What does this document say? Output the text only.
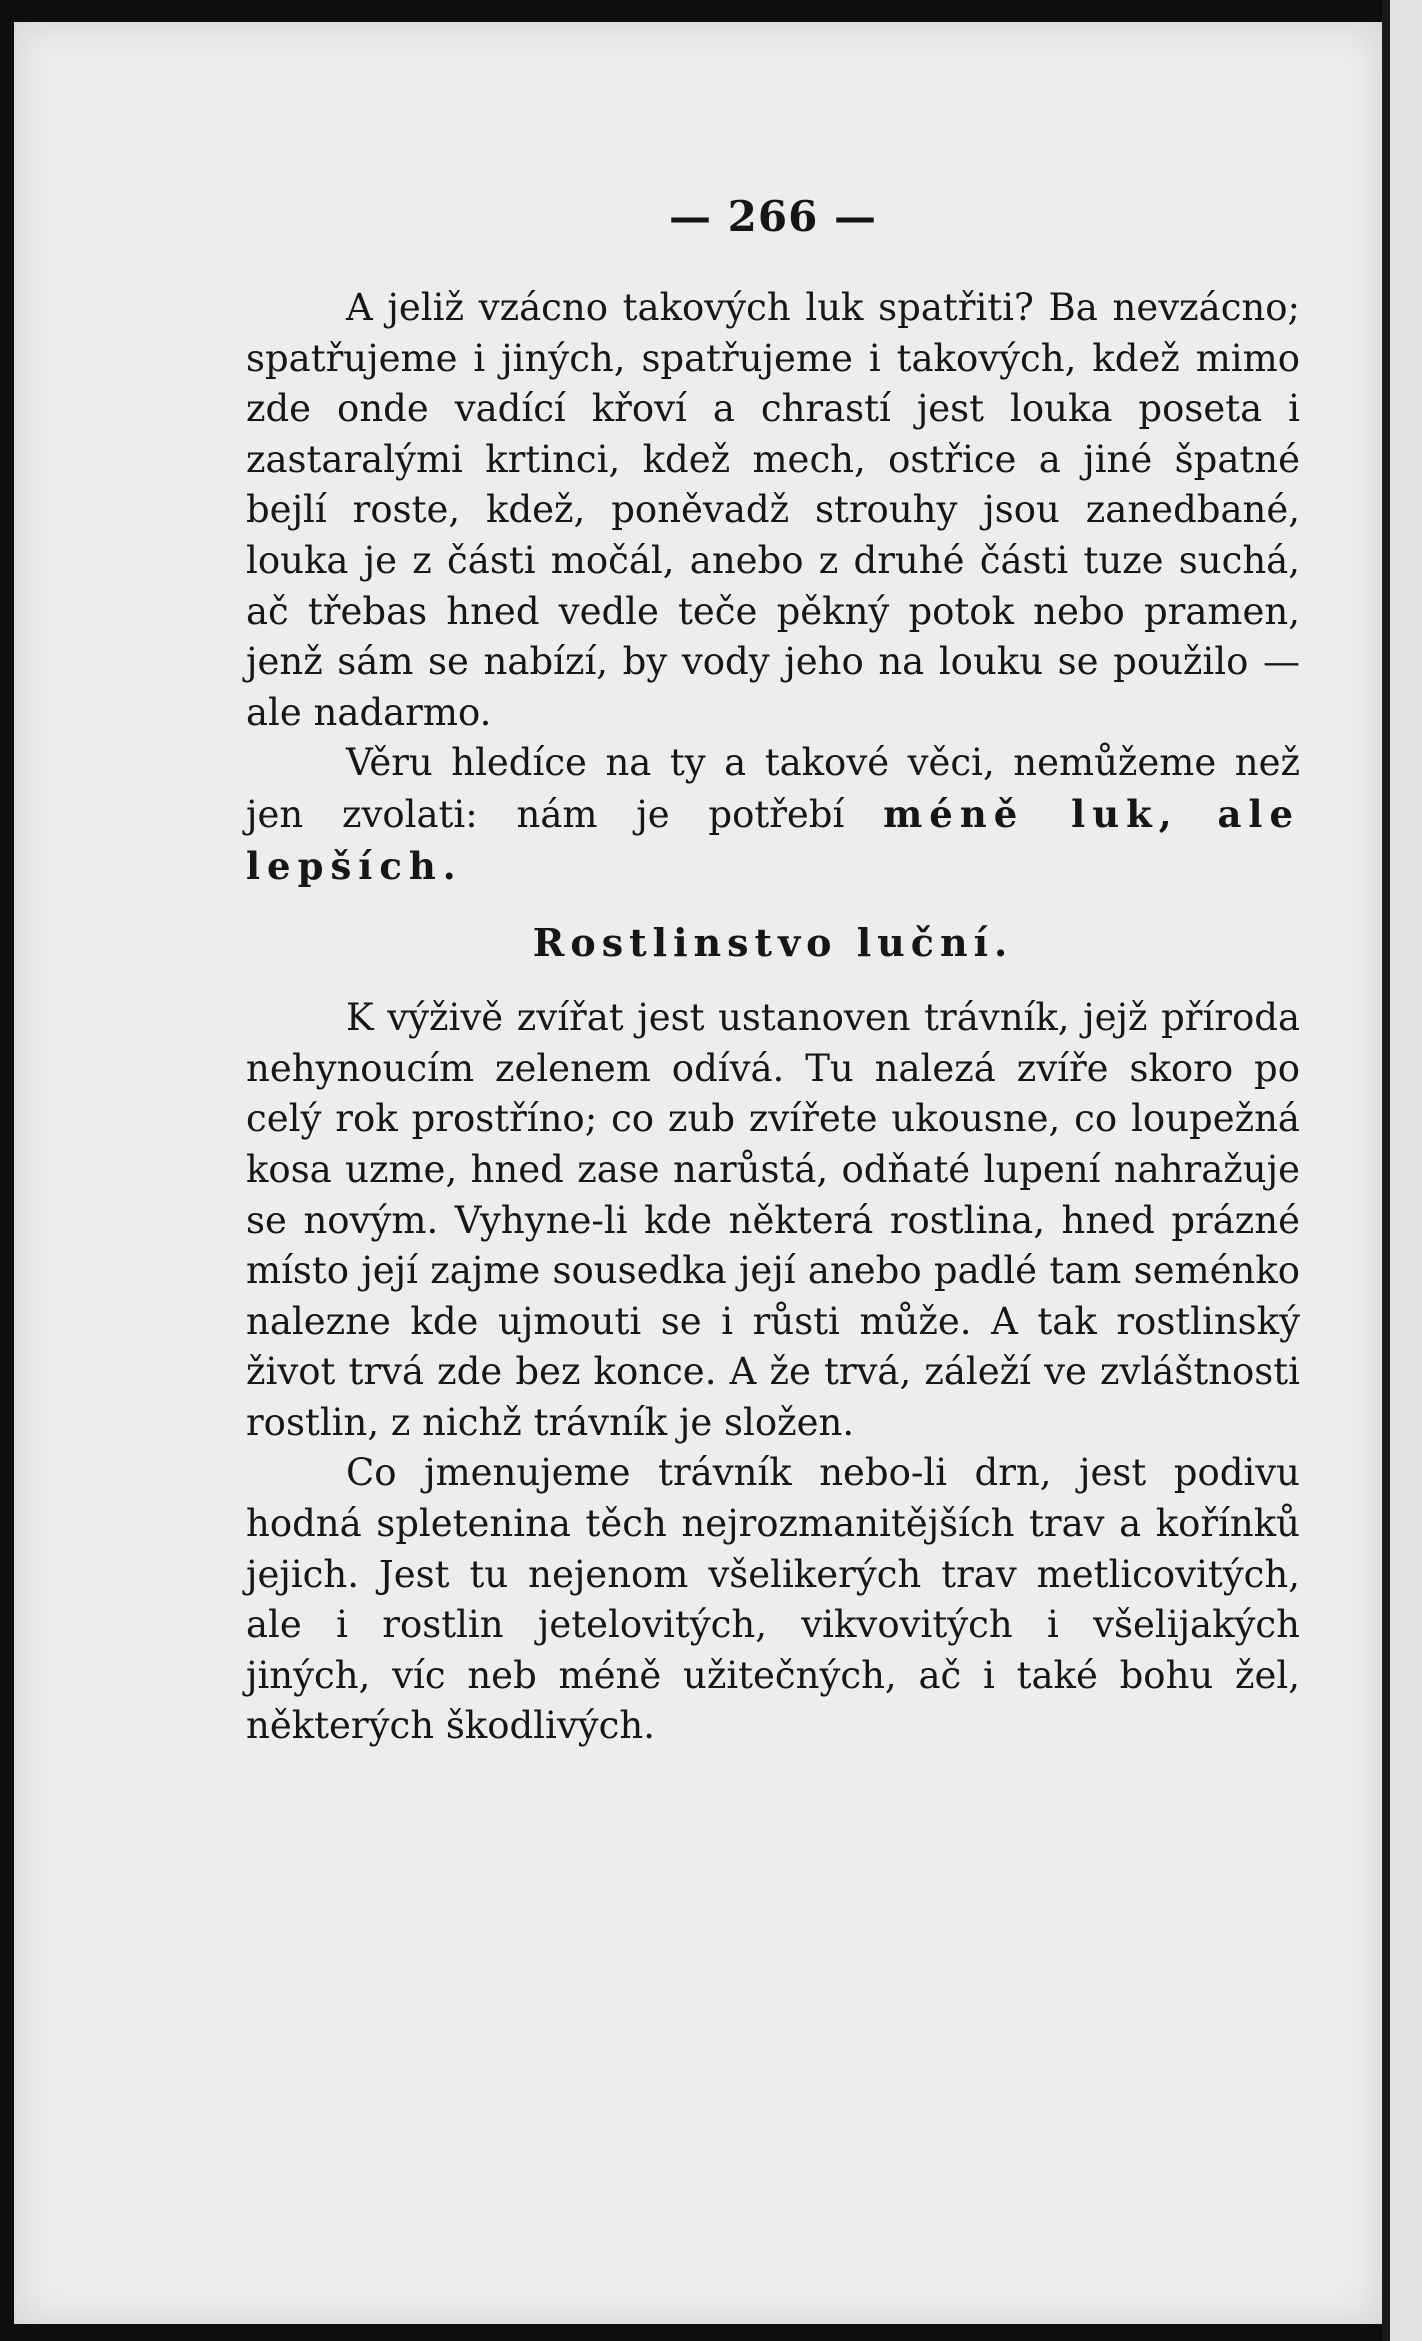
— 266 —

A jeliž vzácno takových luk spatřiti? Ba nevzácno; spatřujeme i jiných, spatřujeme i takových, kdež mimo zde onde vadící křoví a chrastí jest louka poseta i zastaralými krtinci, kdež mech, ostřice a jiné špatné bejlí roste, kdež, poněvadž strouhy jsou zanedbané, louka je z části močál, anebo z druhé části tuze suchá, ač třebas hned vedle teče pěkný potok nebo pramen, jenž sám se nabízí, by vody jeho na louku se použilo — ale nadarmo.

Věru hledíce na ty a takové věci, nemůžeme než jen zvolati: nám je potřebí méně luk, ale lepších.

Rostlinstvo luční.

K výživě zvířat jest ustanoven trávník, jejž příroda nehynoucím zelenem odívá. Tu nalezá zvíře skoro po celý rok prostříno; co zub zvířete ukousne, co loupežná kosa uzme, hned zase narůstá, odňaté lupení nahražuje se novým. Vyhyne-li kde některá rostlina, hned prázné místo její zajme sousedka její anebo padlé tam seménko nalezne kde ujmouti se i růsti může. A tak rostlinský život trvá zde bez konce. A že trvá, záleží ve zvláštnosti rostlin, z nichž trávník je složen.

Co jmenujeme trávník nebo-li drn, jest podivu hodná spletenina těch nejrozmanitějších trav a kořínků jejich. Jest tu nejenom všelikerých trav metlicovitých, ale i rostlin jetelovitých, vikvovitých i všelijakých jiných, víc neb méně užitečných, ač i také bohu žel, některých škodlivých.
